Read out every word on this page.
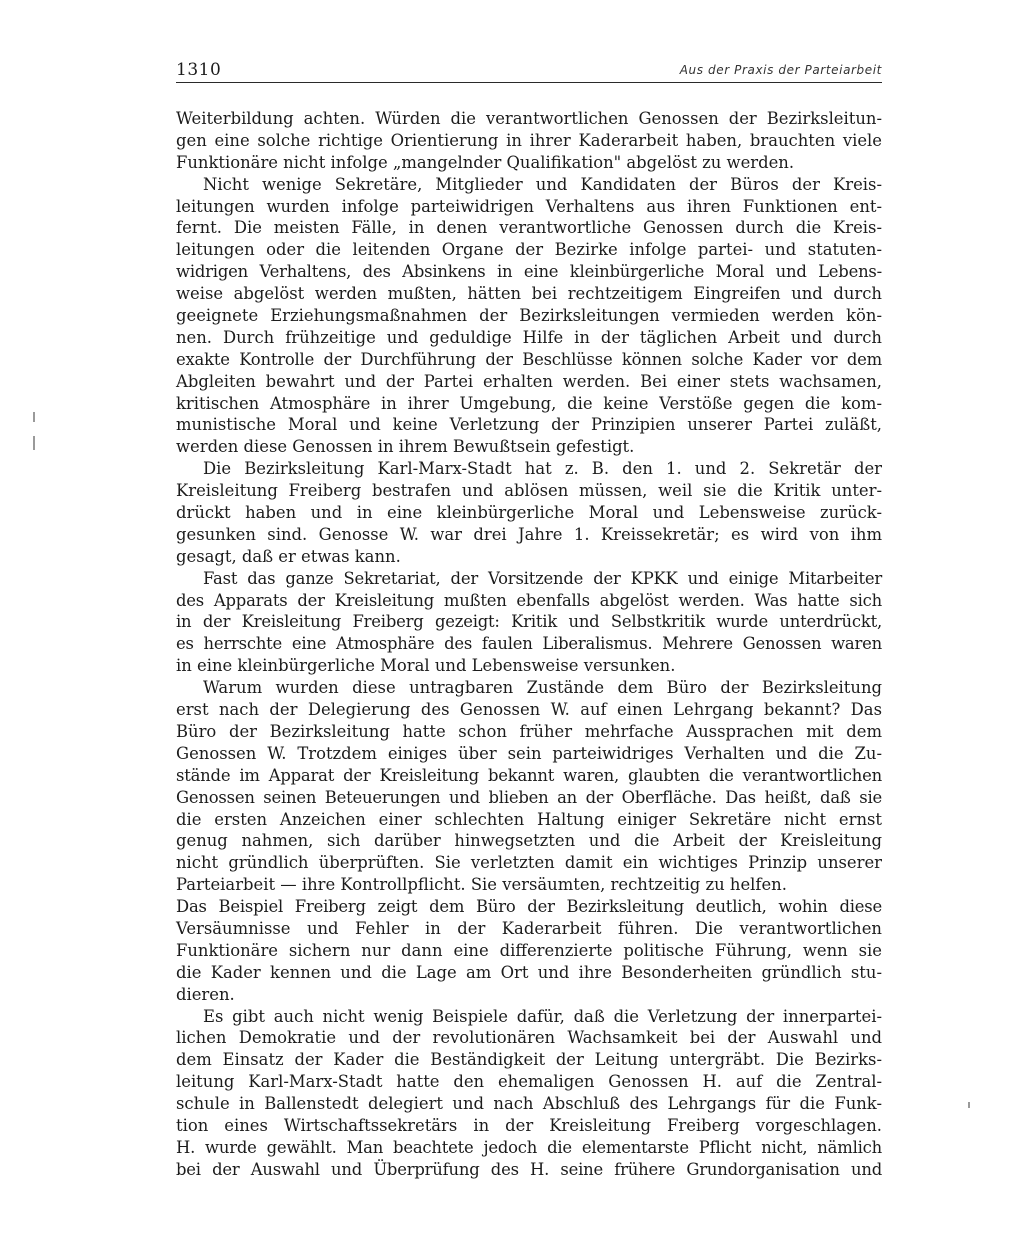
1310	Aus der Praxis der Parteiarbeit
Weiterbildung achten. Würden die verantwortlichen Genossen der Bezirksleitun-
gen eine solche richtige Orientierung in ihrer Kaderarbeit haben, brauchten viele
Funktionäre nicht infolge „mangelnder Qualifikation" abgelöst zu werden.
Nicht wenige Sekretäre, Mitglieder und Kandidaten der Büros der Kreis-
leitungen wurden infolge parteiwidrigen Verhaltens aus ihren Funktionen ent-
fernt. Die meisten Fälle, in denen verantwortliche Genossen durch die Kreis-
leitungen oder die leitenden Organe der Bezirke infolge partei- und statuten-
widrigen Verhaltens, des Absinkens in eine kleinbürgerliche Moral und Lebens-
weise abgelöst werden mußten, hätten bei rechtzeitigem Eingreifen und durch
geeignete Erziehungsmaßnahmen der Bezirksleitungen vermieden werden kön-
nen. Durch frühzeitige und geduldige Hilfe in der täglichen Arbeit und durch
exakte Kontrolle der Durchführung der Beschlüsse können solche Kader vor dem
Abgleiten bewahrt und der Partei erhalten werden. Bei einer stets wachsamen,
kritischen Atmosphäre in ihrer Umgebung, die keine Verstöße gegen die kom-
munistische Moral und keine Verletzung der Prinzipien unserer Partei zuläßt,
werden diese Genossen in ihrem Bewußtsein gefestigt.
Die Bezirksleitung Karl-Marx-Stadt hat z. B. den 1. und 2. Sekretär der
Kreisleitung Freiberg bestrafen und ablösen müssen, weil sie die Kritik unter-
drückt haben und in eine kleinbürgerliche Moral und Lebensweise zurück-
gesunken sind. Genosse W. war drei Jahre 1. Kreissekretär; es wird von ihm
gesagt, daß er etwas kann.
Fast das ganze Sekretariat, der Vorsitzende der KPKK und einige Mitarbeiter
des Apparats der Kreisleitung mußten ebenfalls abgelöst werden. Was hatte sich
in der Kreisleitung Freiberg gezeigt: Kritik und Selbstkritik wurde unterdrückt,
es herrschte eine Atmosphäre des faulen Liberalismus. Mehrere Genossen waren
in eine kleinbürgerliche Moral und Lebensweise versunken.
Warum wurden diese untragbaren Zustände dem Büro der Bezirksleitung
erst nach der Delegierung des Genossen W. auf einen Lehrgang bekannt? Das
Büro der Bezirksleitung hatte schon früher mehrfache Aussprachen mit dem
Genossen W. Trotzdem einiges über sein parteiwidriges Verhalten und die Zu-
stände im Apparat der Kreisleitung bekannt waren, glaubten die verantwortlichen
Genossen seinen Beteuerungen und blieben an der Oberfläche. Das heißt, daß sie
die ersten Anzeichen einer schlechten Haltung einiger Sekretäre nicht ernst
genug nahmen, sich darüber hinwegsetzten und die Arbeit der Kreisleitung
nicht gründlich überprüften. Sie verletzten damit ein wichtiges Prinzip unserer
Parteiarbeit — ihre Kontrollpflicht. Sie versäumten, rechtzeitig zu helfen.
Das Beispiel Freiberg zeigt dem Büro der Bezirksleitung deutlich, wohin diese
Versäumnisse und Fehler in der Kaderarbeit führen. Die verantwortlichen
Funktionäre sichern nur dann eine differenzierte politische Führung, wenn sie
die Kader kennen und die Lage am Ort und ihre Besonderheiten gründlich stu-
dieren.
Es gibt auch nicht wenig Beispiele dafür, daß die Verletzung der innerpartei-
lichen Demokratie und der revolutionären Wachsamkeit bei der Auswahl und
dem Einsatz der Kader die Beständigkeit der Leitung untergräbt. Die Bezirks-
leitung Karl-Marx-Stadt hatte den ehemaligen Genossen H. auf die Zentral-
schule in Ballenstedt delegiert und nach Abschluß des Lehrgangs für die Funk-
tion eines Wirtschaftssekretärs in der Kreisleitung Freiberg vorgeschlagen.
H. wurde gewählt. Man beachtete jedoch die elementarste Pflicht nicht, nämlich
bei der Auswahl und Überprüfung des H. seine frühere Grundorganisation und
